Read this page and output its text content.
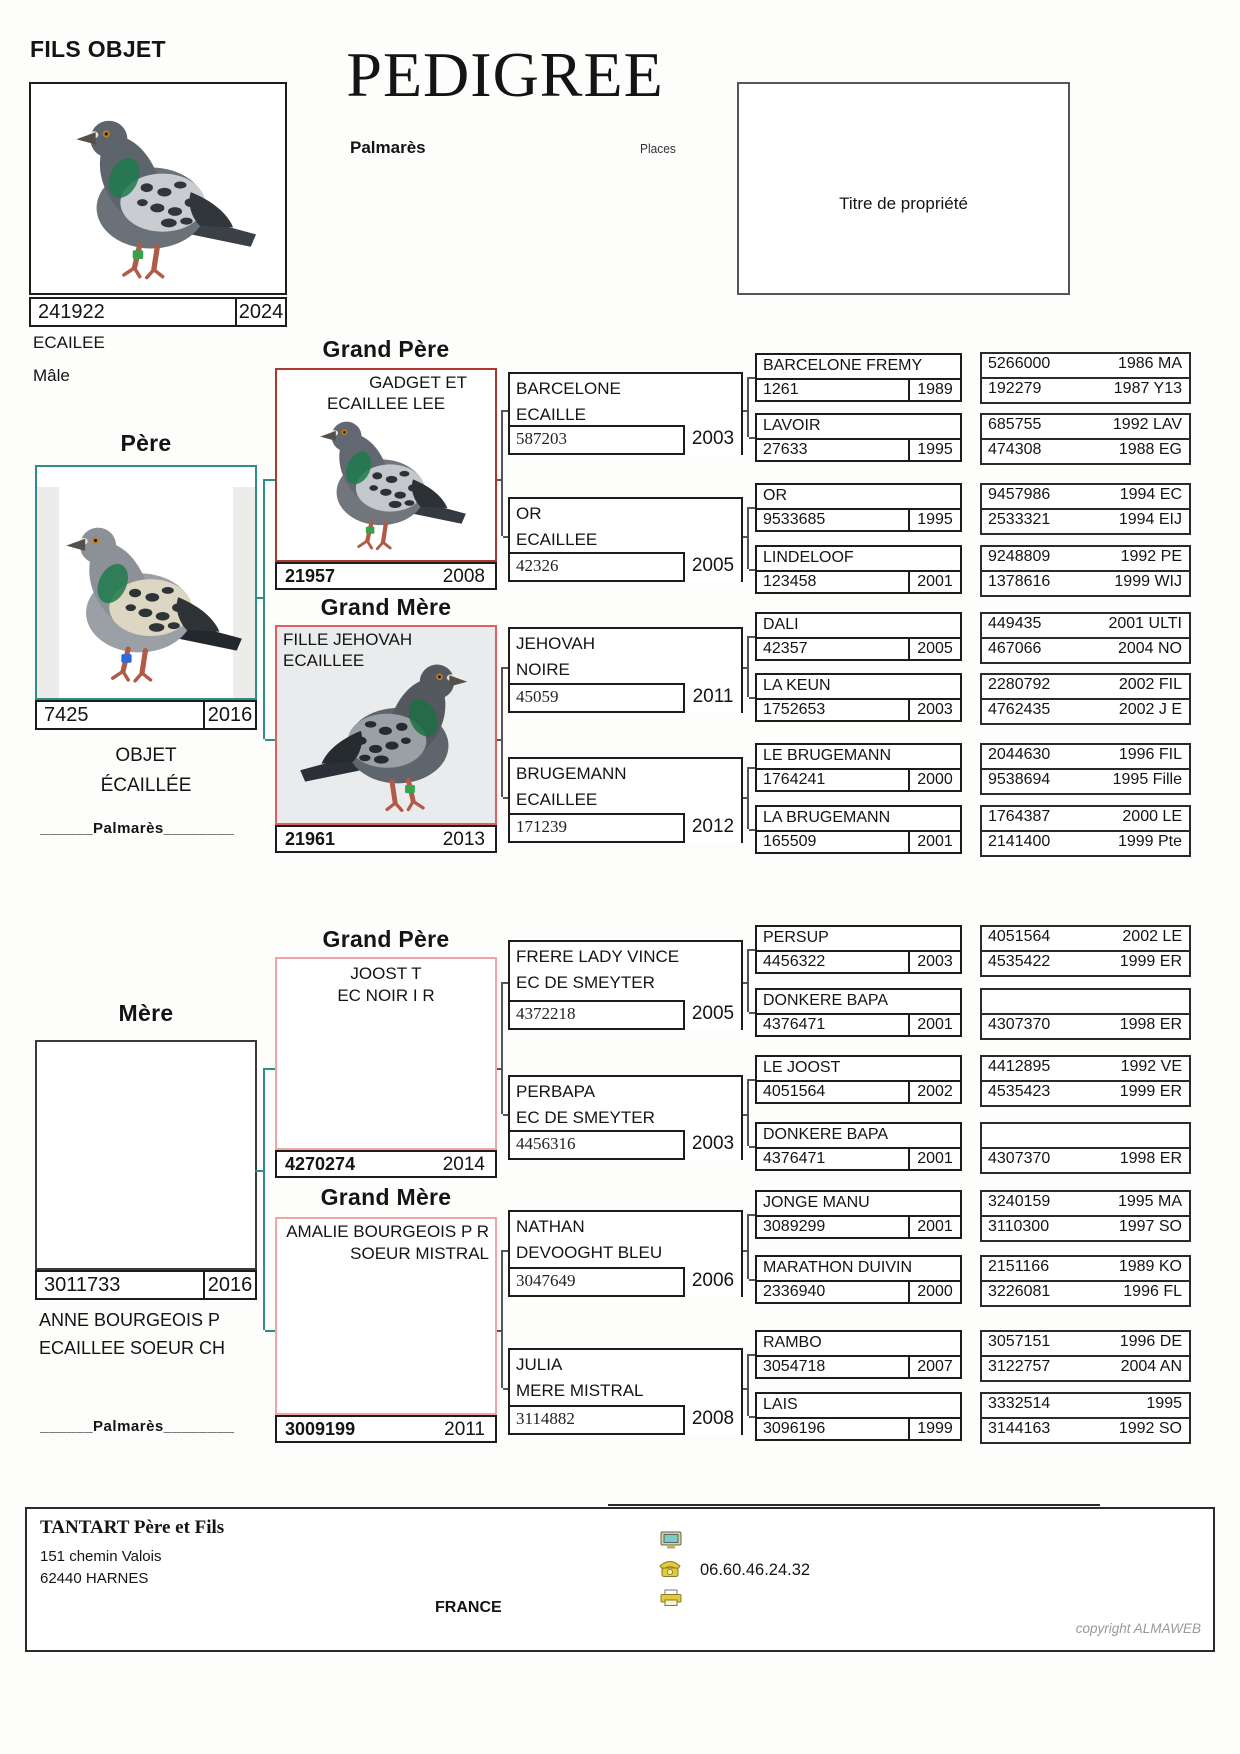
FILS OBJET	PEDIGREE
Palmarès	Places
Titre de propriété
241922	2024
ECAILEE
Mâle
Père
7425	2016
OBJET
ÉCAILLÉE
______Palmarès________
Mère
3011733	2016
ANNE BOURGEOIS P
ECAILLEE SOEUR CH
______Palmarès________
Grand Père
GADGET ET
ECAILLEE LEE
21957	2008
Grand Mère
FILLE JEHOVAH
ECAILLEE
21961	2013
Grand Père
JOOST T
EC NOIR I R
4270274	2014
Grand Mère
AMALIE BOURGEOIS P R
SOEUR MISTRAL
3009199	2011
BARCELONE
ECAILLE
587203	2003
OR
ECAILLEE
42326	2005
JEHOVAH
NOIRE
45059	2011
BRUGEMANN
ECAILLEE
171239	2012
FRERE LADY VINCE
EC DE SMEYTER
4372218	2005
PERBAPA
EC DE SMEYTER
4456316	2003
NATHAN
DEVOOGHT BLEU
3047649	2006
JULIA
MERE MISTRAL
3114882	2008
BARCELONE FREMY
1261	1989
LAVOIR
27633	1995
OR
9533685	1995
LINDELOOF
123458	2001
DALI
42357	2005
LA KEUN
1752653	2003
LE BRUGEMANN
1764241	2000
LA BRUGEMANN
165509	2001
PERSUP
4456322	2003
DONKERE BAPA
4376471	2001
LE JOOST
4051564	2002
DONKERE BAPA
4376471	2001
JONGE MANU
3089299	2001
MARATHON DUIVIN
2336940	2000
RAMBO
3054718	2007
LAIS
3096196	1999
5266000	1986 MA
192279	1987 Y13
685755	1992 LAV
474308	1988 EG
9457986	1994 EC
2533321	1994 EIJ
9248809	1992 PE
1378616	1999 WIJ
449435	2001 ULTI
467066	2004 NO
2280792	2002 FIL
4762435	2002 J E
2044630	1996 FIL
9538694	1995 Fille
1764387	2000 LE
2141400	1999 Pte
4051564	2002 LE
4535422	1999 ER
4307370	1998 ER
4412895	1992 VE
4535423	1999 ER
4307370	1998 ER
3240159	1995 MA
3110300	1997 SO
2151166	1989 KO
3226081	1996 FL
3057151	1996 DE
3122757	2004 AN
3332514	1995
3144163	1992 SO
TANTART Père et Fils
151 chemin Valois
62440 HARNES
FRANCE
06.60.46.24.32
copyright ALMAWEB
